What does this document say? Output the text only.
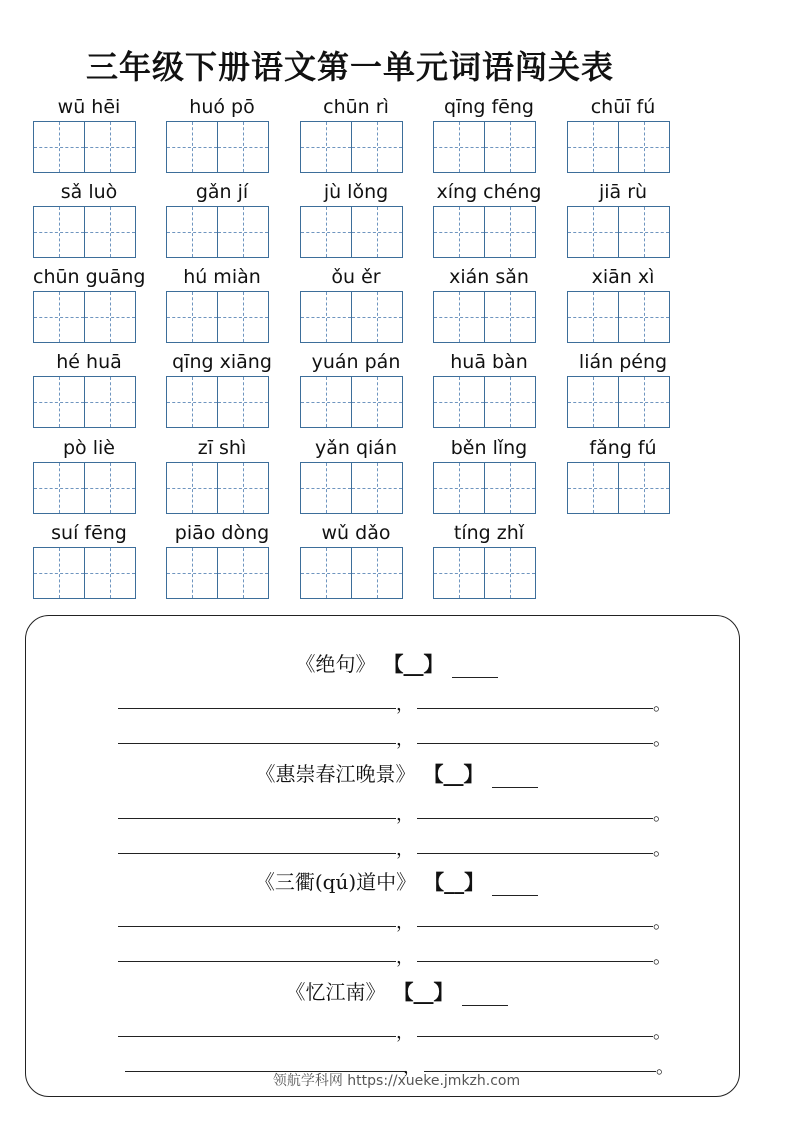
三年级下册语文第一单元词语闯关表
wū hēi	huó pō	chūn rì	qīng fēng	chūī fú
sǎ luò	gǎn jí	jù lǒng	xíng chéng	jiā rù
chūn guāng	hú miàn	ǒu ěr	xián sǎn	xiān xì
hé huā	qīng xiāng	yuán pán	huā bàn	lián péng
pò liè	zī shì	yǎn qián	běn lǐng	fǎng fú
suí fēng	piāo dòng	wǔ dǎo	tíng zhǐ
《绝句》 【__】
，	。
，	。
《惠崇春江晚景》 【__】
，	。
，	。
《三衢(qú)道中》 【__】
，	。
，	。
《忆江南》 【__】
，	。
，	。
领航学科网 https://xueke.jmkzh.com
